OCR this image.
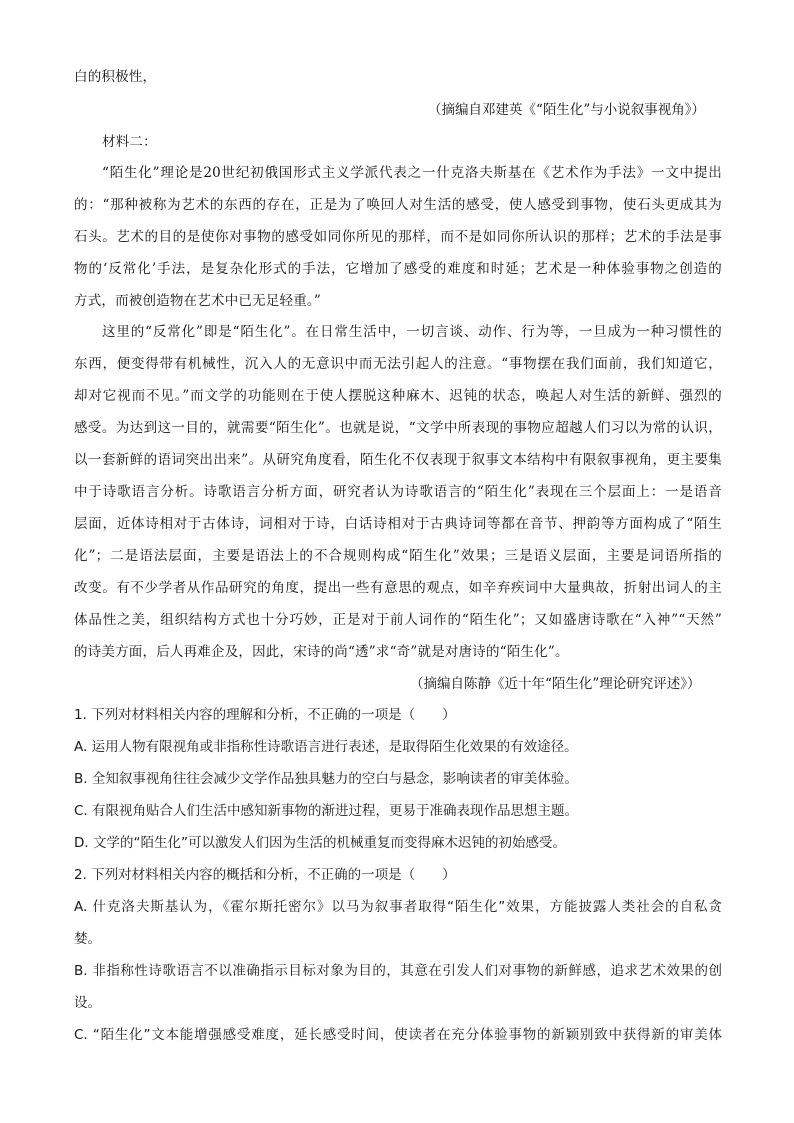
白的积极性，
（摘编自邓建英《“陌生化”与小说叙事视角》）
材料二：
“陌生化”理论是20世纪初俄国形式主义学派代表之一什克洛夫斯基在《艺术作为手法》一文中提出
的：“那种被称为艺术的东西的存在，正是为了唤回人对生活的感受，使人感受到事物，使石头更成其为
石头。艺术的目的是使你对事物的感受如同你所见的那样，而不是如同你所认识的那样；艺术的手法是事
物的‘反常化’手法，是复杂化形式的手法，它增加了感受的难度和时延；艺术是一种体验事物之创造的
方式，而被创造物在艺术中已无足轻重。”
这里的“反常化”即是“陌生化”。在日常生活中，一切言谈、动作、行为等，一旦成为一种习惯性的
东西，便变得带有机械性，沉入人的无意识中而无法引起人的注意。“事物摆在我们面前，我们知道它，
却对它视而不见。”而文学的功能则在于使人摆脱这种麻木、迟钝的状态，唤起人对生活的新鲜、强烈的
感受。为达到这一目的，就需要“陌生化”。也就是说，“文学中所表现的事物应超越人们习以为常的认识，
以一套新鲜的语词突出出来”。从研究角度看，陌生化不仅表现于叙事文本结构中有限叙事视角，更主要集
中于诗歌语言分析。诗歌语言分析方面，研究者认为诗歌语言的“陌生化”表现在三个层面上：一是语音
层面，近体诗相对于古体诗，词相对于诗，白话诗相对于古典诗词等都在音节、押韵等方面构成了“陌生
化”；二是语法层面，主要是语法上的不合规则构成“陌生化”效果；三是语义层面，主要是词语所指的
改变。有不少学者从作品研究的角度，提出一些有意思的观点，如辛弃疾词中大量典故，折射出词人的主
体品性之美，组织结构方式也十分巧妙，正是对于前人词作的“陌生化”；又如盛唐诗歌在“入神”“天然”
的诗美方面，后人再难企及，因此，宋诗的尚“透”求“奇”就是对唐诗的“陌生化”。
（摘编自陈静《近十年“陌生化”理论研究评述》）
1. 下列对材料相关内容的理解和分析，不正确的一项是（　　）
A. 运用人物有限视角或非指称性诗歌语言进行表述，是取得陌生化效果的有效途径。
B. 全知叙事视角往往会减少文学作品独具魅力的空白与悬念，影响读者的审美体验。
C. 有限视角贴合人们生活中感知新事物的渐进过程，更易于准确表现作品思想主题。
D. 文学的“陌生化”可以激发人们因为生活的机械重复而变得麻木迟钝的初始感受。
2. 下列对材料相关内容的概括和分析，不正确的一项是（　　）
A. 什克洛夫斯基认为，《霍尔斯托密尔》以马为叙事者取得“陌生化”效果，方能披露人类社会的自私贪
婪。
B. 非指称性诗歌语言不以准确指示目标对象为目的，其意在引发人们对事物的新鲜感，追求艺术效果的创
设。
C. “陌生化”文本能增强感受难度，延长感受时间，使读者在充分体验事物的新颖别致中获得新的审美体
